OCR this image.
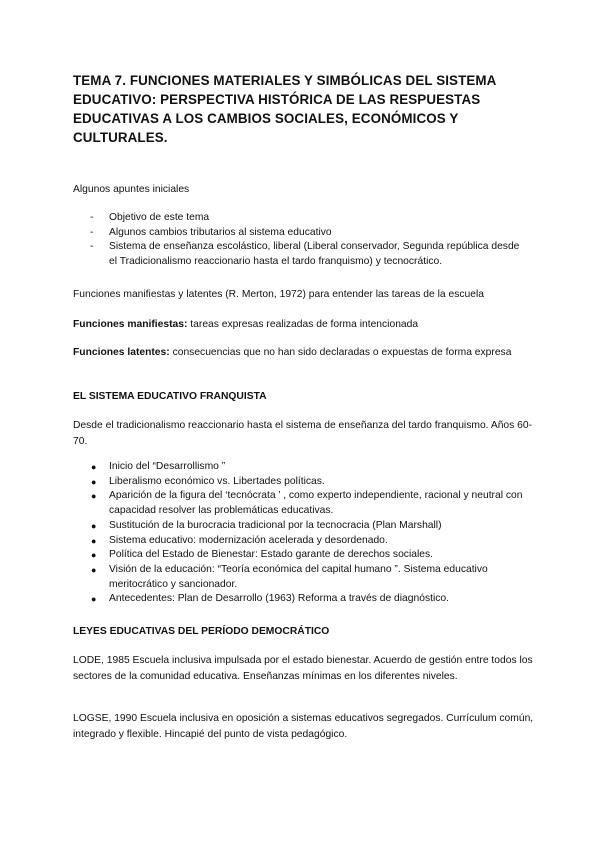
TEMA 7. FUNCIONES MATERIALES Y SIMBÓLICAS DEL SISTEMA EDUCATIVO: PERSPECTIVA HISTÓRICA DE LAS RESPUESTAS EDUCATIVAS A LOS CAMBIOS SOCIALES, ECONÓMICOS Y CULTURALES.

Algunos apuntes iniciales

- Objetivo de este tema
- Algunos cambios tributarios al sistema educativo
- Sistema de enseñanza escolástico, liberal (Liberal conservador, Segunda república desde el Tradicionalismo reaccionario hasta el tardo franquismo) y tecnocrático.

Funciones manifiestas y latentes (R. Merton, 1972) para entender las tareas de la escuela

Funciones manifiestas: tareas expresas realizadas de forma intencionada

Funciones latentes: consecuencias que no han sido declaradas o expuestas de forma expresa

EL SISTEMA EDUCATIVO FRANQUISTA

Desde el tradicionalismo reaccionario hasta el sistema de enseñanza del tardo franquismo. Años 60-70.

● Inicio del “Desarrollismo ”
● Liberalismo económico vs. Libertades políticas.
● Aparición de la figura del ‘tecnócrata ’ , como experto independiente, racional y neutral con capacidad resolver las problemáticas educativas.
● Sustitución de la burocracia tradicional por la tecnocracia (Plan Marshall)
● Sistema educativo: modernización acelerada y desordenado.
● Política del Estado de Bienestar: Estado garante de derechos sociales.
● Visión de la educación: “Teoría económica del capital humano ”. Sistema educativo meritocrático y sancionador.
● Antecedentes: Plan de Desarrollo (1963) Reforma a través de diagnóstico.
LEYES EDUCATIVAS DEL PERÍODO DEMOCRÁTICO

LODE, 1985 Escuela inclusiva impulsada por el estado bienestar. Acuerdo de gestión entre todos los sectores de la comunidad educativa. Enseñanzas mínimas en los diferentes niveles.

LOGSE, 1990 Escuela inclusiva en oposición a sistemas educativos segregados. Currículum común, integrado y flexible. Hincapié del punto de vista pedagógico.
